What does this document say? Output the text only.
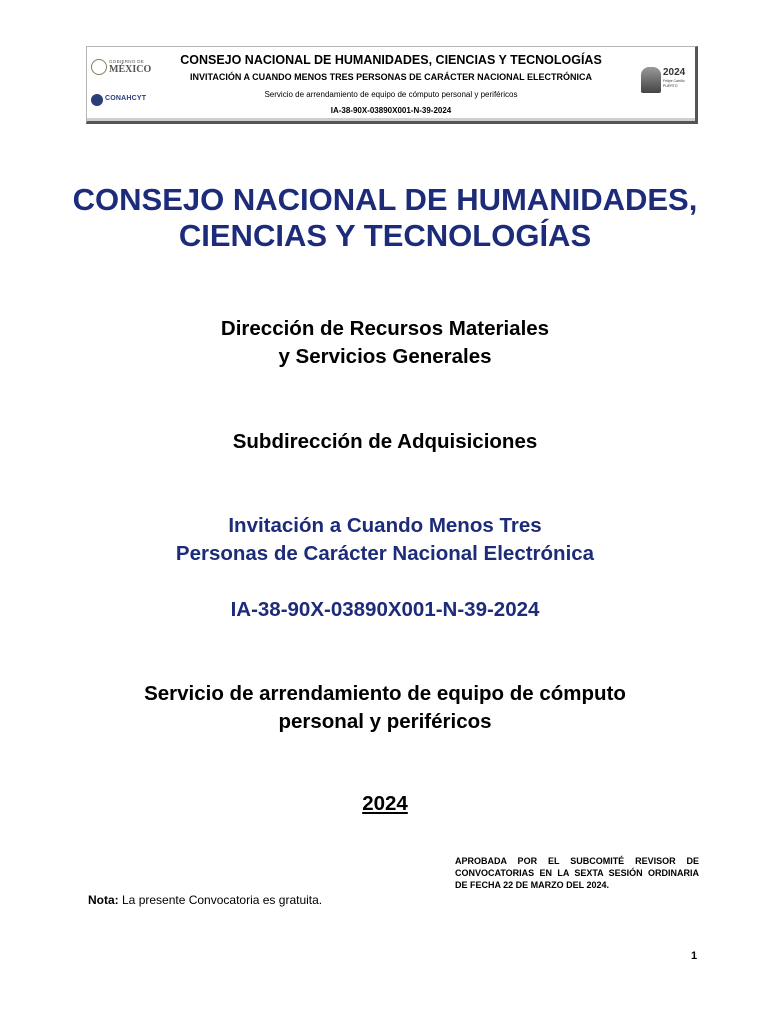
GOBIERNO DE
MÉXICO
CONAHCYT
2024
Felipe Carrillo PUERTO
CONSEJO NACIONAL DE HUMANIDADES, CIENCIAS Y TECNOLOGÍAS
INVITACIÓN A CUANDO MENOS TRES PERSONAS DE CARÁCTER NACIONAL ELECTRÓNICA
Servicio de arrendamiento de equipo de cómputo personal y periféricos
IA-38-90X-03890X001-N-39-2024
CONSEJO NACIONAL DE HUMANIDADES,
CIENCIAS Y TECNOLOGÍAS
Dirección de Recursos Materiales
y Servicios Generales
Subdirección de Adquisiciones
Invitación a Cuando Menos Tres
Personas de Carácter Nacional Electrónica
IA-38-90X-03890X001-N-39-2024
Servicio de arrendamiento de equipo de cómputo
personal y periféricos
2024
APROBADA POR EL SUBCOMITÉ REVISOR DE CONVOCATORIAS EN LA SEXTA SESIÓN ORDINARIA DE FECHA 22 DE MARZO DEL 2024.
Nota: La presente Convocatoria es gratuita.
1
